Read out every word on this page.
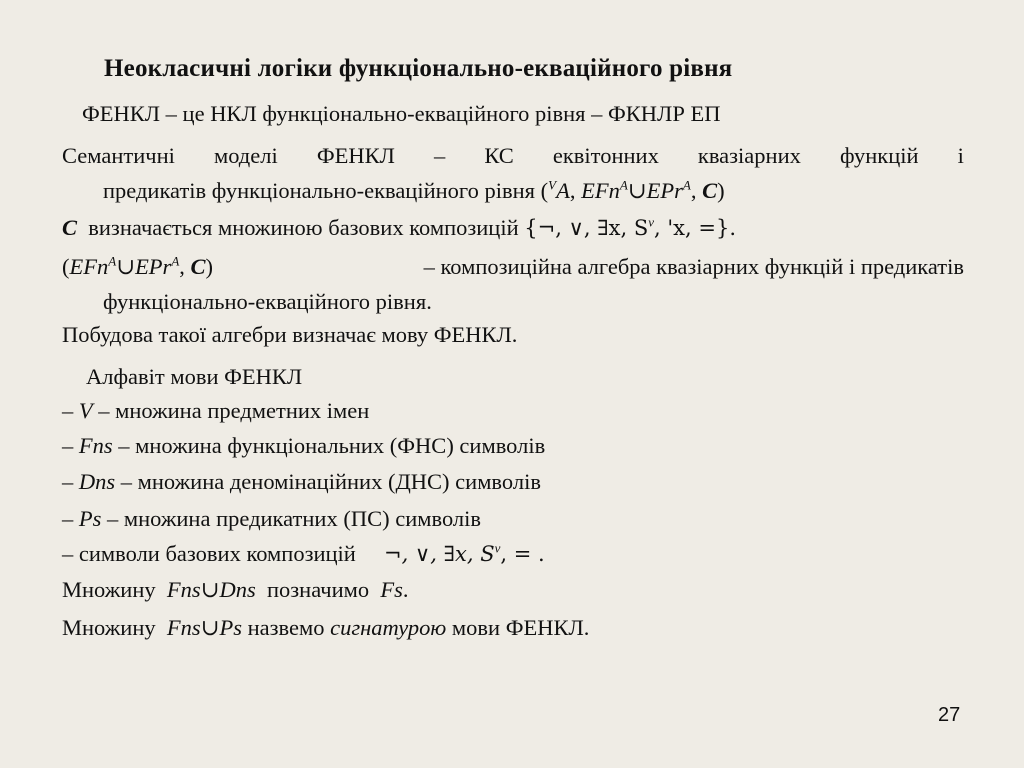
Неокласичні логіки функціонально-екваційного рівня
ФЕНКЛ – це НКЛ функціонально-екваційного рівня – ФКНЛР ЕП
Семантичні моделі ФЕНКЛ – КС еквітонних квазіарних функцій і
предикатів функціонально-екваційного рівня ($^V$A, EFn$^A$∪EPr$^A$, C)
C визначається множиною базових композицій {¬, ∨, ∃x, $S^v$, 'x, =}.
(EFn$^A$∪EPr$^A$, C)	– композиційна алгебра квазіарних функцій і предикатів
функціонально-екваційного рівня.
Побудова такої алгебри визначає мову ФЕНКЛ.
Алфавіт мови ФЕНКЛ
– V – множина предметних імен
– Fns – множина функціональних (ФНС) символів
– Dns – множина деномінаційних (ДНС) символів
– Ps – множина предикатних (ПС) символів
– символи базових композицій ¬, ∨, ∃x, $S^v$, = .
Множину Fns∪Dns позначимо Fs.
Множину Fns∪Ps назвемо сигнатурою мови ФЕНКЛ.
27
